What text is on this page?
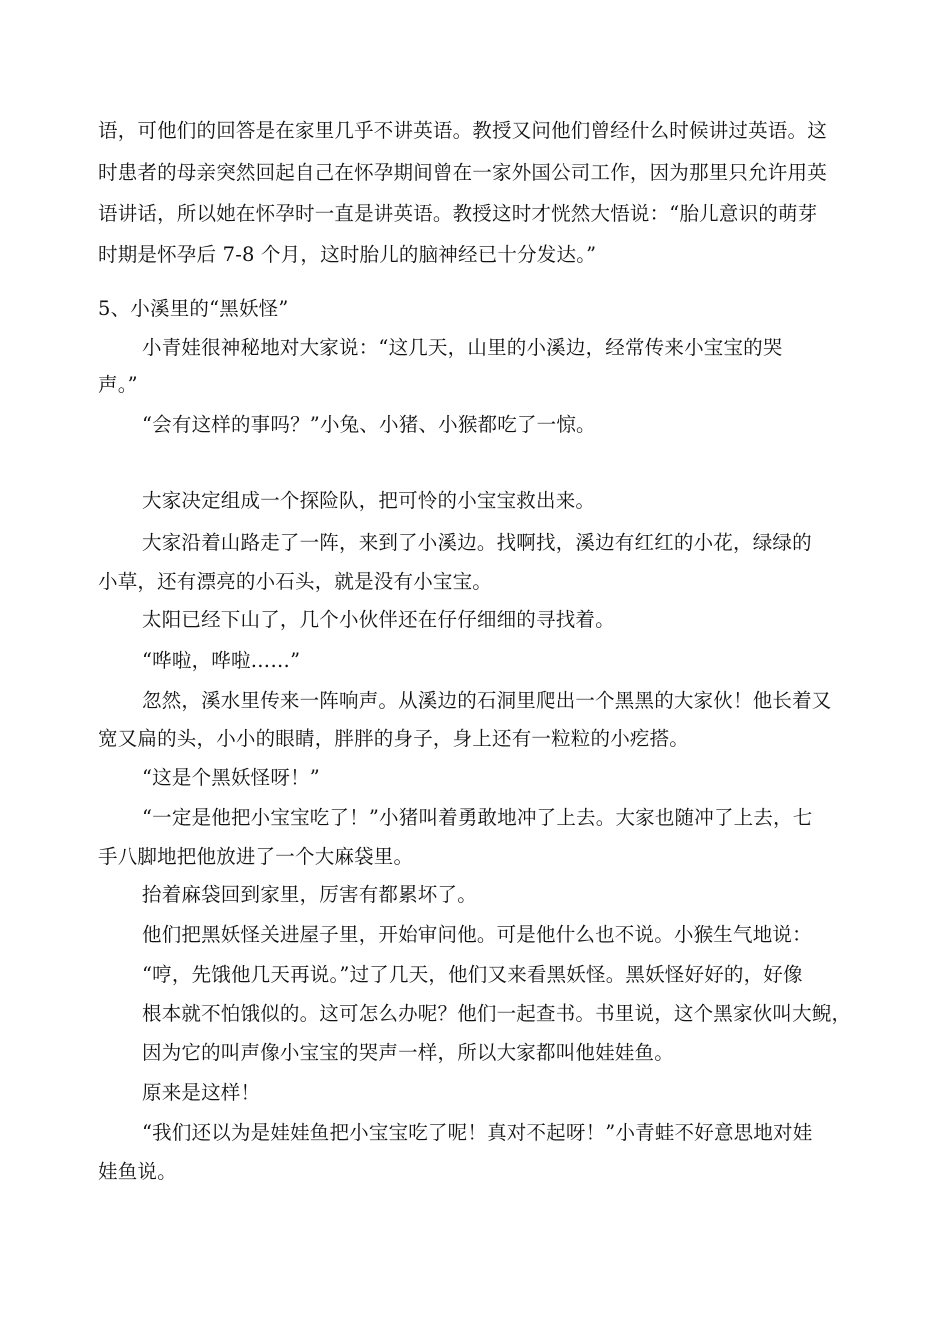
语，可他们的回答是在家里几乎不讲英语。教授又问他们曾经什么时候讲过英语。这
时患者的母亲突然回起自己在怀孕期间曾在一家外国公司工作，因为那里只允许用英
语讲话，所以她在怀孕时一直是讲英语。教授这时才恍然大悟说：“胎儿意识的萌芽
时期是怀孕后 7-8 个月，这时胎儿的脑神经已十分发达。”
5、小溪里的“黑妖怪”
小青娃很神秘地对大家说：“这几天，山里的小溪边，经常传来小宝宝的哭
声。”
“会有这样的事吗？”小兔、小猪、小猴都吃了一惊。
大家决定组成一个探险队，把可怜的小宝宝救出来。
大家沿着山路走了一阵，来到了小溪边。找啊找，溪边有红红的小花，绿绿的
小草，还有漂亮的小石头，就是没有小宝宝。
太阳已经下山了，几个小伙伴还在仔仔细细的寻找着。
“哗啦，哗啦……”
忽然，溪水里传来一阵响声。从溪边的石洞里爬出一个黑黑的大家伙！他长着又
宽又扁的头，小小的眼睛，胖胖的身子，身上还有一粒粒的小疙搭。
“这是个黑妖怪呀！”
“一定是他把小宝宝吃了！”小猪叫着勇敢地冲了上去。大家也随冲了上去，七
手八脚地把他放进了一个大麻袋里。
抬着麻袋回到家里，厉害有都累坏了。
他们把黑妖怪关进屋子里，开始审问他。可是他什么也不说。小猴生气地说：
“哼，先饿他几天再说。”过了几天，他们又来看黑妖怪。黑妖怪好好的，好像
根本就不怕饿似的。这可怎么办呢？他们一起查书。书里说，这个黑家伙叫大鲵，
因为它的叫声像小宝宝的哭声一样，所以大家都叫他娃娃鱼。
原来是这样！
“我们还以为是娃娃鱼把小宝宝吃了呢！真对不起呀！”小青蛙不好意思地对娃
娃鱼说。
